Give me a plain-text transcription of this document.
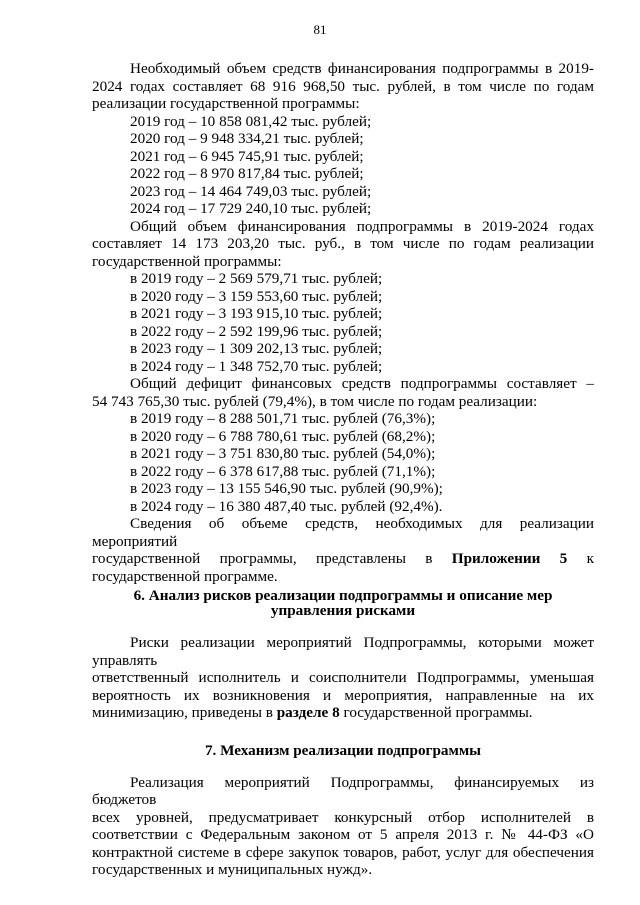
81

Необходимый объем средств финансирования подпрограммы в 2019-

2024 годах составляет 68 916 968,50 тыс. рублей, в том числе по годам

реализации государственной программы:

2019 год – 10 858 081,42 тыс. рублей;

2020 год – 9 948 334,21 тыс. рублей;

2021 год – 6 945 745,91 тыс. рублей;

2022 год – 8 970 817,84 тыс. рублей;

2023 год – 14 464 749,03 тыс. рублей;

2024 год – 17 729 240,10 тыс. рублей;

Общий объем финансирования подпрограммы в 2019-2024 годах

составляет 14 173 203,20 тыс. руб., в том числе по годам реализации

государственной программы:

в 2019 году – 2 569 579,71 тыс. рублей;

в 2020 году – 3 159 553,60 тыс. рублей;

в 2021 году – 3 193 915,10 тыс. рублей;

в 2022 году – 2 592 199,96 тыс. рублей;

в 2023 году – 1 309 202,13 тыс. рублей;

в 2024 году – 1 348 752,70 тыс. рублей;

Общий дефицит финансовых средств подпрограммы составляет –

54 743 765,30 тыс. рублей (79,4%), в том числе по годам реализации:

в 2019 году – 8 288 501,71 тыс. рублей (76,3%);

в 2020 году – 6 788 780,61 тыс. рублей (68,2%);

в 2021 году – 3 751 830,80 тыс. рублей (54,0%);

в 2022 году – 6 378 617,88 тыс. рублей (71,1%);

в 2023 году – 13 155 546,90 тыс. рублей (90,9%);

в 2024 году – 16 380 487,40 тыс. рублей (92,4%).

Сведения об объеме средств, необходимых для реализации мероприятий

государственной программы, представлены в Приложении 5 к

государственной программе.

6. Анализ рисков реализации подпрограммы и описание мер

управления рисками

Риски реализации мероприятий Подпрограммы, которыми может управлять

ответственный исполнитель и соисполнители Подпрограммы, уменьшая

вероятность их возникновения и мероприятия, направленные на их

минимизацию, приведены в разделе 8 государственной программы.

7. Механизм реализации подпрограммы

Реализация мероприятий Подпрограммы, финансируемых из бюджетов

всех уровней, предусматривает конкурсный отбор исполнителей в

соответствии с Федеральным законом от 5 апреля 2013 г. № 44-ФЗ «О

контрактной системе в сфере закупок товаров, работ, услуг для обеспечения

государственных и муниципальных нужд».
